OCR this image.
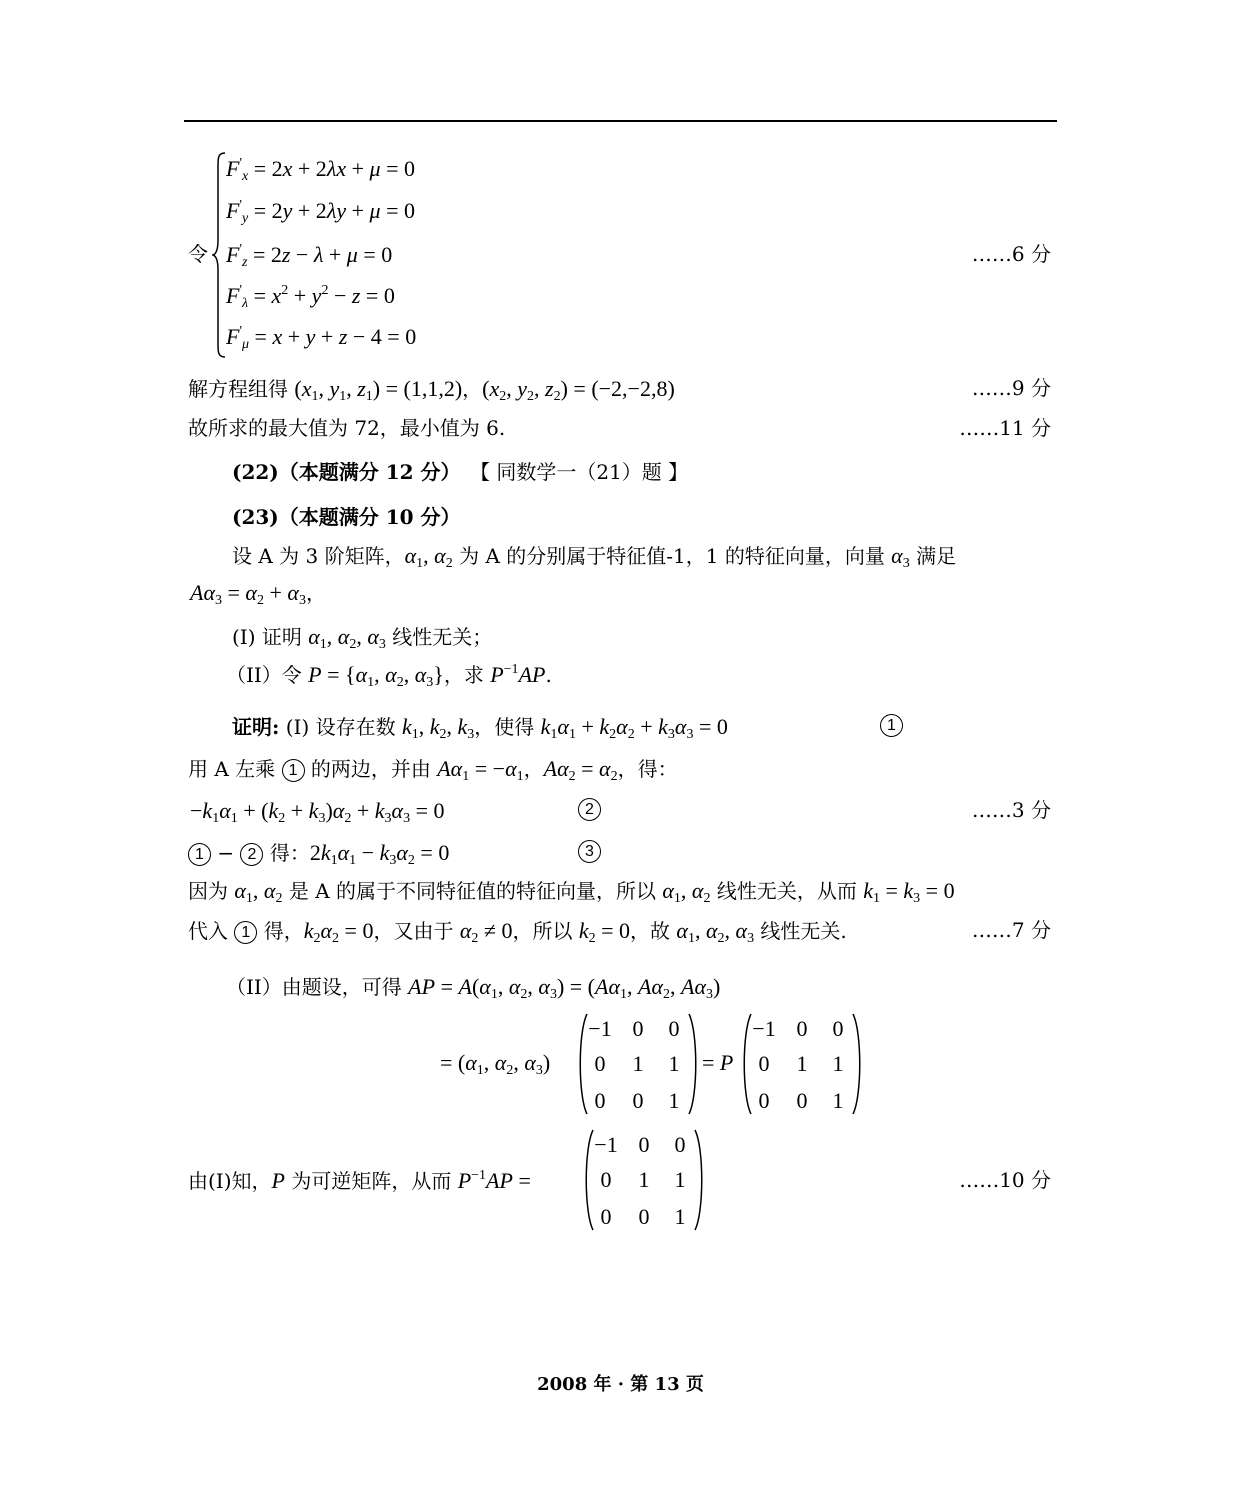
令
$F'_x = 2x + 2\lambda x + \mu = 0$
$F'_y = 2y + 2\lambda y + \mu = 0$
$F'_z = 2z - \lambda + \mu = 0$
$F'_\lambda = x^2 + y^2 - z = 0$
$F'_\mu = x + y + z - 4 = 0$
……6 分
解方程组得 ($x_1$, $y_1$, $z_1) = (1,1,2)$，($x_2$, $y_2$, $z_2) = (-2,-2,8)$	……9 分
故所求的最大值为 72，最小值为 6.	……11 分
(22)（本题满分 12 分） 【 同数学一（21）题 】
(23)（本题满分 10 分）
设 A 为 3 阶矩阵，$\alpha_1$, $\alpha_2$ 为 A 的分别属于特征值-1，1 的特征向量，向量 $\alpha_3$ 满足
$A\alpha_3 = \alpha_2 + \alpha_3$，
(I) 证明 $\alpha_1$, $\alpha_2$, $\alpha_3$ 线性无关；
（II）令 $P = \{\alpha_1$, $\alpha_2$, $\alpha_3$}，求 $P^{-1}AP$.
证明: (I) 设存在数 $k_1$, $k_2$, $k_3$，使得 $k_1\alpha_1 + k_2\alpha_2 + k_3\alpha_3 = 0$	1
用 A 左乘 1 的两边，并由 $A\alpha_1 = -\alpha_1$，$A\alpha_2 = \alpha_2$，得：
$-k_1\alpha_1 + (k_2 + k_3)\alpha_2 + k_3\alpha_3 = 0$	2	……3 分
1 − 2 得：$2k_1\alpha_1 - k_3\alpha_2 = 0$	3
因为 $\alpha_1$, $\alpha_2$ 是 A 的属于不同特征值的特征向量，所以 $\alpha_1$, $\alpha_2$ 线性无关，从而 $k_1 = k_3 = 0$
代入 1 得，$k_2\alpha_2 = 0$，又由于 $\alpha_2 \ne 0$，所以 $k_2 = 0$，故 $\alpha_1$, $\alpha_2$, $\alpha_3$ 线性无关.	……7 分
（II）由题设，可得 AP = $A(\alpha_1$, $\alpha_2$, $\alpha_3) = (A\alpha_1$, $A\alpha_2$, $A\alpha_3$)
= ($\alpha_1$, $\alpha_2$, $\alpha_3$)
−1 0	0
0	1	1
0	0	1
= P
−1 0	0
0	1	1
0	0	1
由(I)知，P 为可逆矩阵，从而 $P^{-1}AP$ =
−1 0	0
0	1	1
0	0	1
……10 分
2008 年 · 第 13 页
